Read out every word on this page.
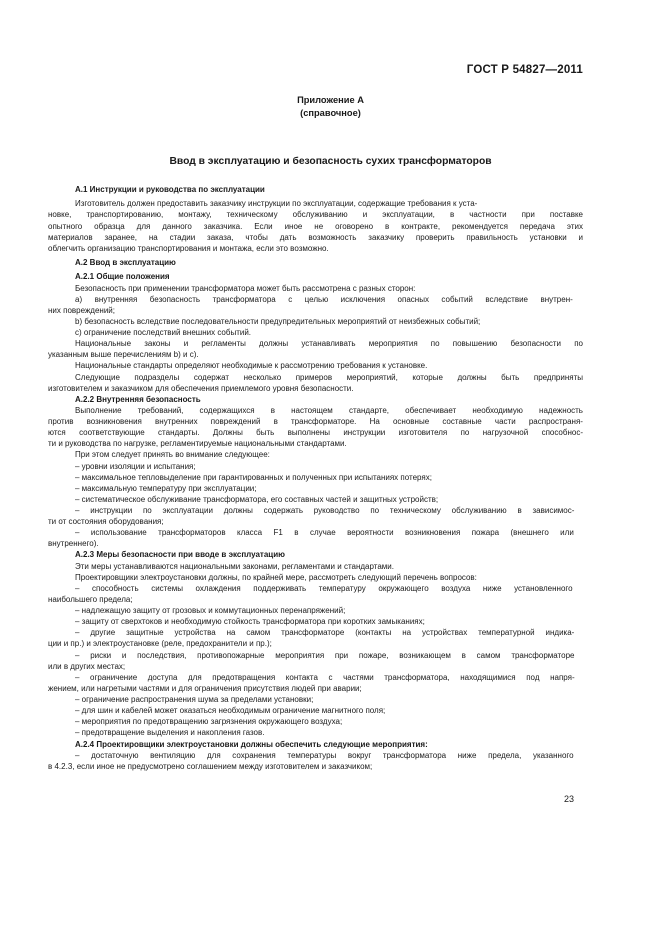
ГОСТ Р 54827—2011
Приложение А
(справочное)
Ввод в эксплуатацию и безопасность сухих трансформаторов
А.1 Инструкции и руководства по эксплуатации
Изготовитель должен предоставить заказчику инструкции по эксплуатации, содержащие требования к уста-
новке, транспортированию, монтажу, техническому обслуживанию и эксплуатации, в частности при поставке
опытного образца для данного заказчика. Если иное не оговорено в контракте, рекомендуется передача этих
материалов заранее, на стадии заказа, чтобы дать возможность заказчику проверить правильность установки и
облегчить организацию транспортирования и монтажа, если это возможно.
А.2 Ввод в эксплуатацию
А.2.1 Общие положения
Безопасность при применении трансформатора может быть рассмотрена с разных сторон:
а) внутренняя безопасность трансформатора с целью исключения опасных событий вследствие внутрен-
них повреждений;
b) безопасность вследствие последовательности предупредительных мероприятий от неизбежных событий;
с) ограничение последствий внешних событий.
Национальные законы и регламенты должны устанавливать мероприятия по повышению безопасности по
указанным выше перечислениям b) и с).
Национальные стандарты определяют необходимые к рассмотрению требования к установке.
Следующие подразделы содержат несколько примеров мероприятий, которые должны быть предприняты
изготовителем и заказчиком для обеспечения приемлемого уровня безопасности.
А.2.2 Внутренняя безопасность
Выполнение требований, содержащихся в настоящем стандарте, обеспечивает необходимую надежность
против возникновения внутренних повреждений в трансформаторе. На основные составные части распространя-
ются соответствующие стандарты. Должны быть выполнены инструкции изготовителя по нагрузочной способнос-
ти и руководства по нагрузке, регламентируемые национальными стандартами.
При этом следует принять во внимание следующее:
– уровни изоляции и испытания;
– максимальное тепловыделение при гарантированных и полученных при испытаниях потерях;
– максимальную температуру при эксплуатации;
– систематическое обслуживание трансформатора, его составных частей и защитных устройств;
– инструкции по эксплуатации должны содержать руководство по техническому обслуживанию в зависимос-
ти от состояния оборудования;
– использование трансформаторов класса F1 в случае вероятности возникновения пожара (внешнего или
внутреннего).
А.2.3 Меры безопасности при вводе в эксплуатацию
Эти меры устанавливаются национальными законами, регламентами и стандартами.
Проектировщики электроустановки должны, по крайней мере, рассмотреть следующий перечень вопросов:
– способность системы охлаждения поддерживать температуру окружающего воздуха ниже установленного
наибольшего предела;
– надлежащую защиту от грозовых и коммутационных перенапряжений;
– защиту от сверхтоков и необходимую стойкость трансформатора при коротких замыканиях;
– другие защитные устройства на самом трансформаторе (контакты на устройствах температурной индика-
ции и пр.) и электроустановке (реле, предохранители и пр.);
– риски и последствия, противопожарные мероприятия при пожаре, возникающем в самом трансформаторе
или в других местах;
– ограничение доступа для предотвращения контакта с частями трансформатора, находящимися под напря-
жением, или нагретыми частями и для ограничения присутствия людей при аварии;
– ограничение распространения шума за пределами установки;
– для шин и кабелей может оказаться необходимым ограничение магнитного поля;
– мероприятия по предотвращению загрязнения окружающего воздуха;
– предотвращение выделения и накопления газов.
А.2.4 Проектировщики электроустановки должны обеспечить следующие мероприятия:
– достаточную вентиляцию для сохранения температуры вокруг трансформатора ниже предела, указанного
в 4.2.3, если иное не предусмотрено соглашением между изготовителем и заказчиком;
23
